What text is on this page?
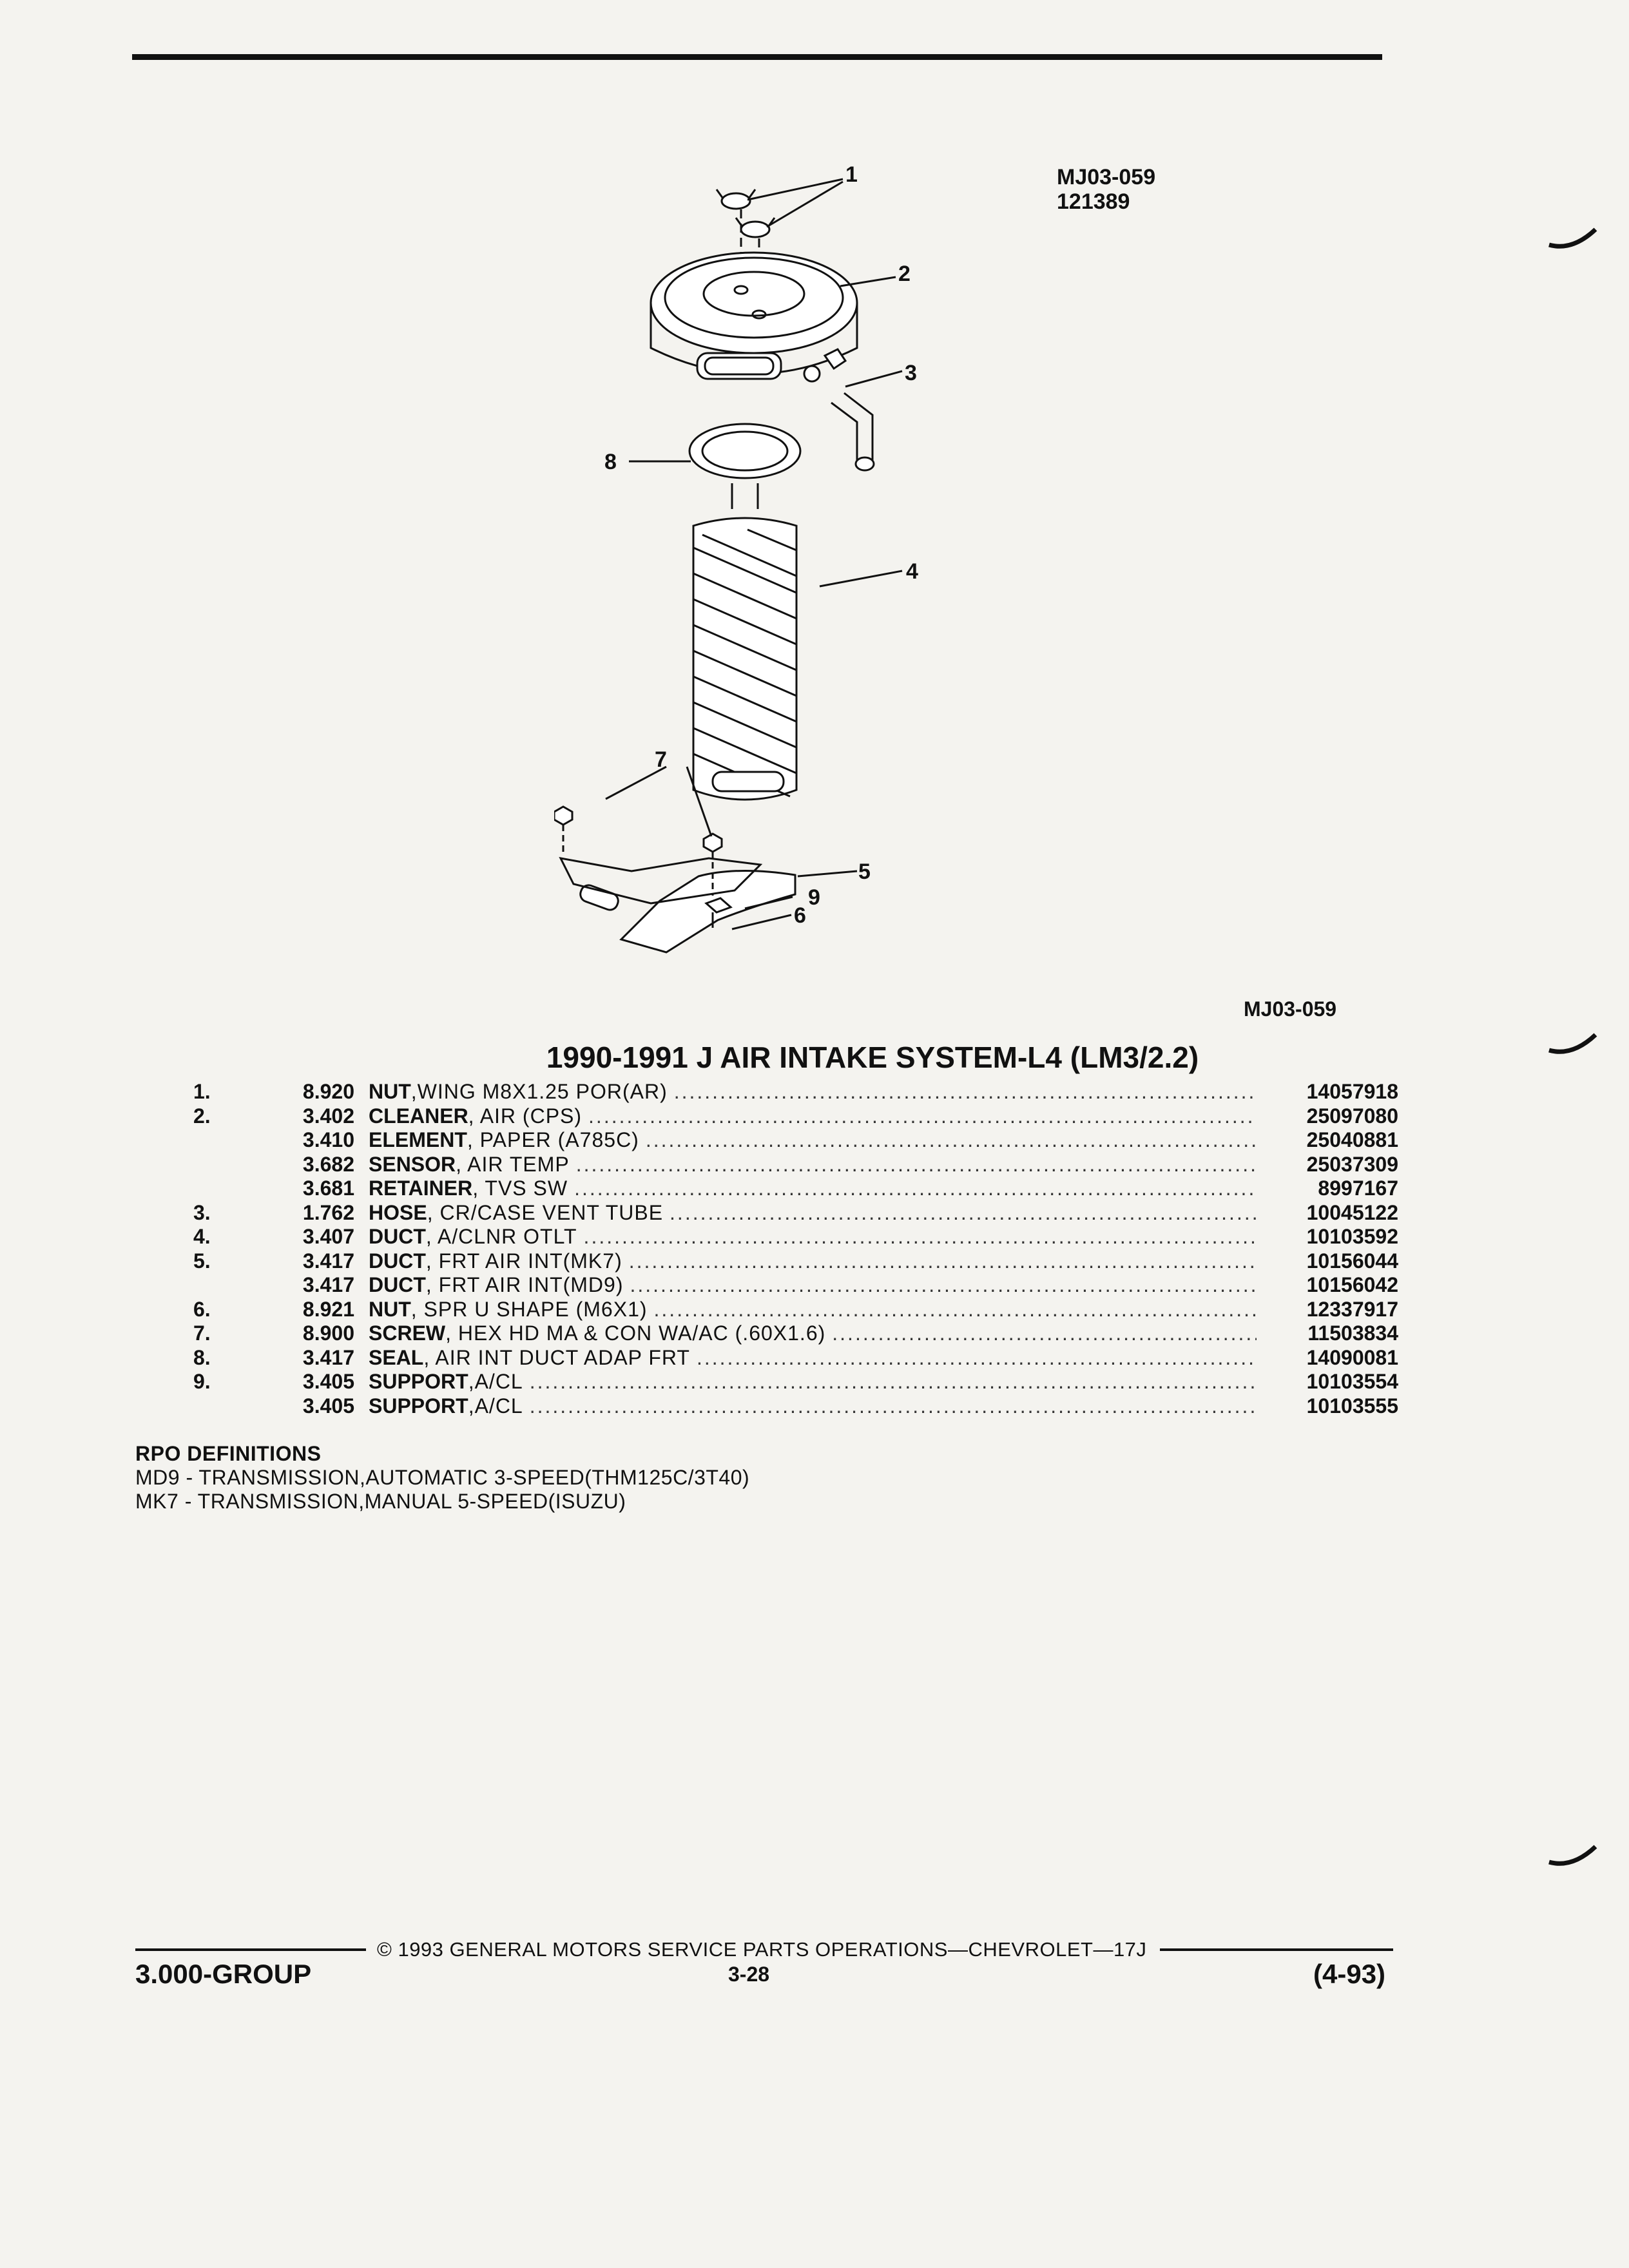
MJ03-059
121389
1
2
3
4
5
6
7
8
9
MJ03-059
1990-1991 J AIR INTAKE SYSTEM-L4 (LM3/2.2)
1.	8.920 NUT ,WING M8X1.25 POR(AR) .....	14057918
2.	3.402 CLEANER , AIR (CPS) .....	25097080
3.410 ELEMENT , PAPER (A785C) .....	25040881
3.682 SENSOR , AIR TEMP .....	25037309
3.681 RETAINER , TVS SW .....	8997167
3.	1.762 HOSE , CR/CASE VENT TUBE .....	10045122
4.	3.407 DUCT , A/CLNR OTLT .....	10103592
5.	3.417 DUCT , FRT AIR INT(MK7) .....	10156044
3.417 DUCT , FRT AIR INT(MD9) .....	10156042
6.	8.921 NUT , SPR U SHAPE (M6X1) .....	12337917
7.	8.900 SCREW , HEX HD MA & CON WA/AC (.60X1.6) .....	11503834
8.	3.417 SEAL , AIR INT DUCT ADAP FRT .....	14090081
9.	3.405 SUPPORT ,A/CL .....	10103554
3.405 SUPPORT ,A/CL .....	10103555
RPO DEFINITIONS
MD9 - TRANSMISSION,AUTOMATIC 3-SPEED(THM125C/3T40)
MK7 - TRANSMISSION,MANUAL 5-SPEED(ISUZU)
© 1993 GENERAL MOTORS SERVICE PARTS OPERATIONS—CHEVROLET—17J
3.000-GROUP	3-28	(4-93)
